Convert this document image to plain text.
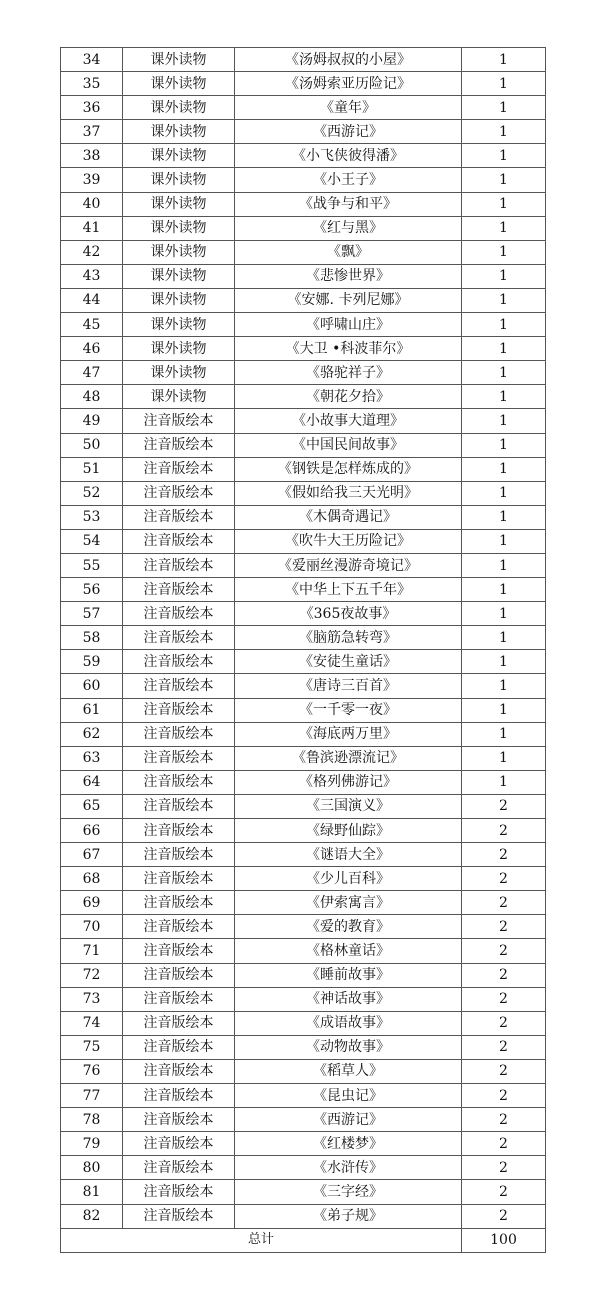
34	课外读物	《汤姆叔叔的小屋》	1
35	课外读物	《汤姆索亚历险记》	1
36	课外读物	《童年》	1
37	课外读物	《西游记》	1
38	课外读物	《小飞侠彼得潘》	1
39	课外读物	《小王子》	1
40	课外读物	《战争与和平》	1
41	课外读物	《红与黑》	1
42	课外读物	《飘》	1
43	课外读物	《悲惨世界》	1
44	课外读物	《安娜. 卡列尼娜》	1
45	课外读物	《呼啸山庄》	1
46	课外读物	《大卫 •科波菲尔》	1
47	课外读物	《骆驼祥子》	1
48	课外读物	《朝花夕拾》	1
49	注音版绘本	《小故事大道理》	1
50	注音版绘本	《中国民间故事》	1
51	注音版绘本	《钢铁是怎样炼成的》	1
52	注音版绘本	《假如给我三天光明》	1
53	注音版绘本	《木偶奇遇记》	1
54	注音版绘本	《吹牛大王历险记》	1
55	注音版绘本	《爱丽丝漫游奇境记》	1
56	注音版绘本	《中华上下五千年》	1
57	注音版绘本	《365夜故事》	1
58	注音版绘本	《脑筋急转弯》	1
59	注音版绘本	《安徒生童话》	1
60	注音版绘本	《唐诗三百首》	1
61	注音版绘本	《一千零一夜》	1
62	注音版绘本	《海底两万里》	1
63	注音版绘本	《鲁滨逊漂流记》	1
64	注音版绘本	《格列佛游记》	1
65	注音版绘本	《三国演义》	2
66	注音版绘本	《绿野仙踪》	2
67	注音版绘本	《谜语大全》	2
68	注音版绘本	《少儿百科》	2
69	注音版绘本	《伊索寓言》	2
70	注音版绘本	《爱的教育》	2
71	注音版绘本	《格林童话》	2
72	注音版绘本	《睡前故事》	2
73	注音版绘本	《神话故事》	2
74	注音版绘本	《成语故事》	2
75	注音版绘本	《动物故事》	2
76	注音版绘本	《稻草人》	2
77	注音版绘本	《昆虫记》	2
78	注音版绘本	《西游记》	2
79	注音版绘本	《红楼梦》	2
80	注音版绘本	《水浒传》	2
81	注音版绘本	《三字经》	2
82	注音版绘本	《弟子规》	2
总计			100
